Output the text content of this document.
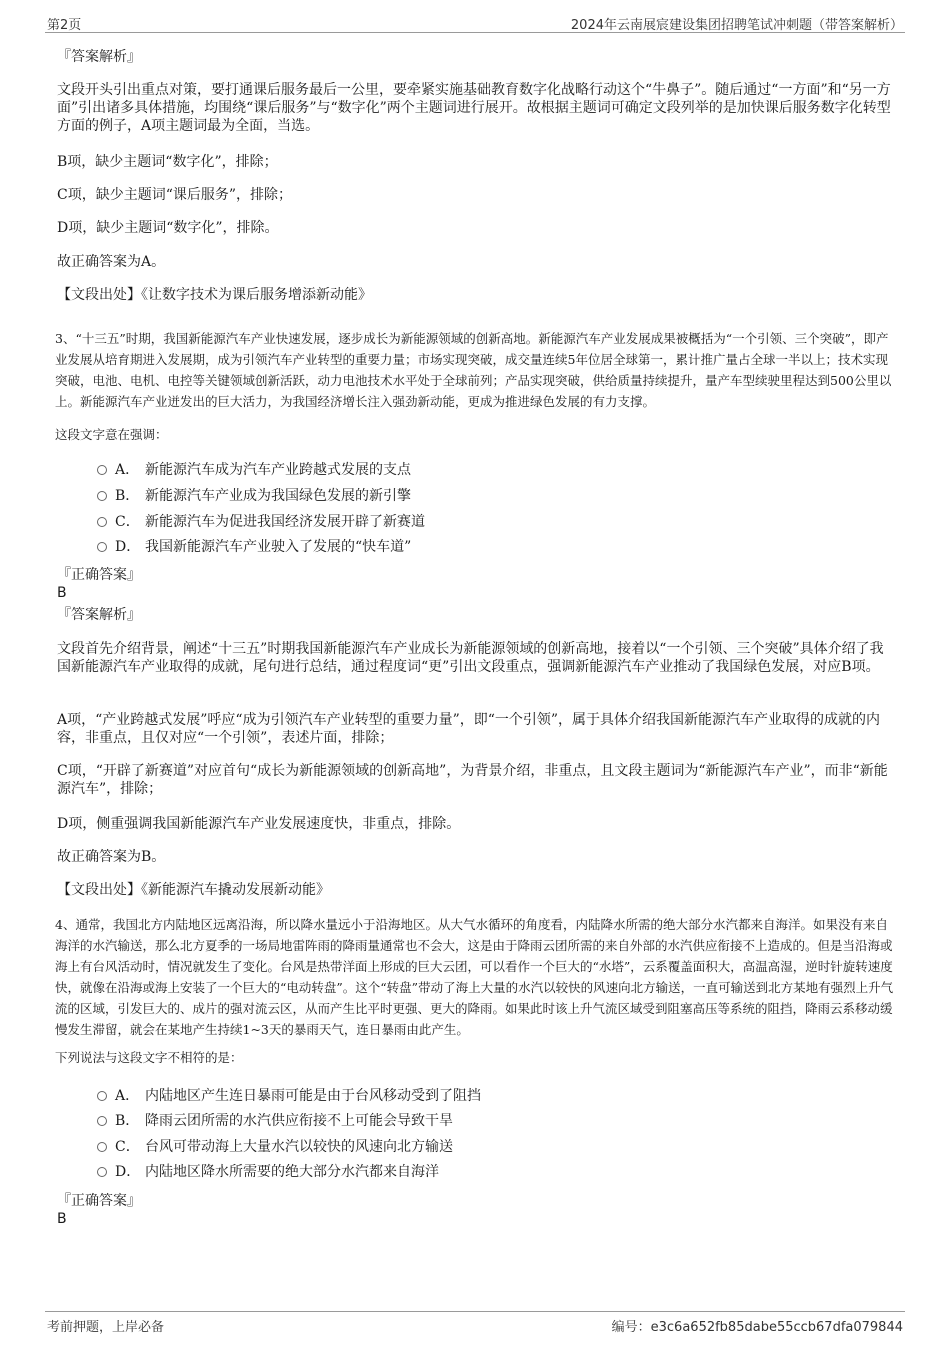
第2页	2024年云南展宸建设集团招聘笔试冲刺题（带答案解析）
『答案解析』

文段开头引出重点对策，要打通课后服务最后一公里，要牵紧实施基础教育数字化战略行动这个“牛鼻子”。随后通过“一方面”和“另一方面”引出诸多具体措施，均围绕“课后服务”与“数字化”两个主题词进行展开。故根据主题词可确定文段列举的是加快课后服务数字化转型方面的例子，A项主题词最为全面，当选。

B项，缺少主题词“数字化”，排除；

C项，缺少主题词“课后服务”，排除；

D项，缺少主题词“数字化”，排除。

故正确答案为A。

【文段出处】《让数字技术为课后服务增添新动能》

3、“十三五”时期，我国新能源汽车产业快速发展，逐步成长为新能源领域的创新高地。新能源汽车产业发展成果被概括为“一个引领、三个突破”，即产业发展从培育期进入发展期，成为引领汽车产业转型的重要力量；市场实现突破，成交量连续5年位居全球第一，累计推广量占全球一半以上；技术实现突破，电池、电机、电控等关键领域创新活跃，动力电池技术水平处于全球前列；产品实现突破，供给质量持续提升，量产车型续驶里程达到500公里以上。新能源汽车产业迸发出的巨大活力，为我国经济增长注入强劲新动能，更成为推进绿色发展的有力支撑。

这段文字意在强调：

A． 新能源汽车成为汽车产业跨越式发展的支点
B． 新能源汽车产业成为我国绿色发展的新引擎
C． 新能源汽车为促进我国经济发展开辟了新赛道
D． 我国新能源汽车产业驶入了发展的“快车道”
『正确答案』
B
『答案解析』

文段首先介绍背景，阐述“十三五”时期我国新能源汽车产业成长为新能源领域的创新高地，接着以“一个引领、三个突破”具体介绍了我国新能源汽车产业取得的成就，尾句进行总结，通过程度词“更”引出文段重点，强调新能源汽车产业推动了我国绿色发展，对应B项。

A项，“产业跨越式发展”呼应“成为引领汽车产业转型的重要力量”，即“一个引领”，属于具体介绍我国新能源汽车产业取得的成就的内容，非重点，且仅对应“一个引领”，表述片面，排除；

C项，“开辟了新赛道”对应首句“成长为新能源领域的创新高地”，为背景介绍，非重点，且文段主题词为“新能源汽车产业”，而非“新能源汽车”，排除；

D项，侧重强调我国新能源汽车产业发展速度快，非重点，排除。

故正确答案为B。

【文段出处】《新能源汽车撬动发展新动能》

4、通常，我国北方内陆地区远离沿海，所以降水量远小于沿海地区。从大气水循环的角度看，内陆降水所需的绝大部分水汽都来自海洋。如果没有来自海洋的水汽输送，那么北方夏季的一场局地雷阵雨的降雨量通常也不会大，这是由于降雨云团所需的来自外部的水汽供应衔接不上造成的。但是当沿海或海上有台风活动时，情况就发生了变化。台风是热带洋面上形成的巨大云团，可以看作一个巨大的“水塔”，云系覆盖面积大，高温高湿，逆时针旋转速度快，就像在沿海或海上安装了一个巨大的“电动转盘”。这个“转盘”带动了海上大量的水汽以较快的风速向北方输送，一直可输送到北方某地有强烈上升气流的区域，引发巨大的、成片的强对流云区，从而产生比平时更强、更大的降雨。如果此时该上升气流区域受到阻塞高压等系统的阻挡，降雨云系移动缓慢发生滞留，就会在某地产生持续1~3天的暴雨天气，连日暴雨由此产生。

下列说法与这段文字不相符的是：

A． 内陆地区产生连日暴雨可能是由于台风移动受到了阻挡
B． 降雨云团所需的水汽供应衔接不上可能会导致干旱
C． 台风可带动海上大量水汽以较快的风速向北方输送
D． 内陆地区降水所需要的绝大部分水汽都来自海洋
『正确答案』
B
考前押题，上岸必备	编号：e3c6a652fb85dabe55ccb67dfa079844
